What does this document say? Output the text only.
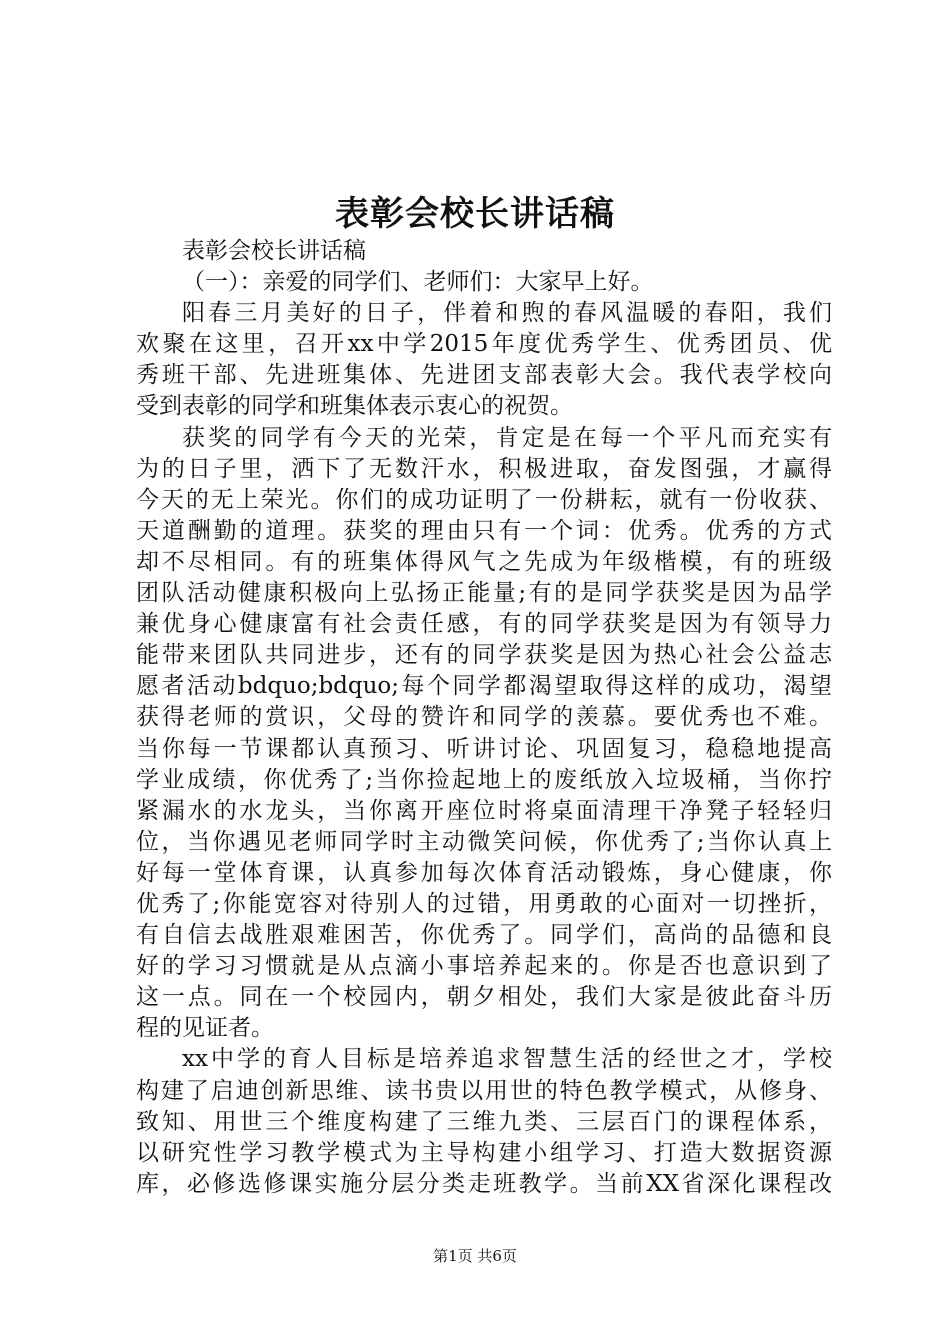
表彰会校长讲话稿
表彰会校长讲话稿
（一）：亲爱的同学们、老师们：大家早上好。
阳春三月美好的日子，伴着和煦的春风温暖的春阳，我们
欢聚在这里，召开xx中学2015年度优秀学生、优秀团员、优
秀班干部、先进班集体、先进团支部表彰大会。我代表学校向
受到表彰的同学和班集体表示衷心的祝贺。
获奖的同学有今天的光荣，肯定是在每一个平凡而充实有
为的日子里，洒下了无数汗水，积极进取，奋发图强，才赢得
今天的无上荣光。你们的成功证明了一份耕耘，就有一份收获、
天道酬勤的道理。获奖的理由只有一个词：优秀。优秀的方式
却不尽相同。有的班集体得风气之先成为年级楷模，有的班级
团队活动健康积极向上弘扬正能量;有的是同学获奖是因为品学
兼优身心健康富有社会责任感，有的同学获奖是因为有领导力
能带来团队共同进步，还有的同学获奖是因为热心社会公益志
愿者活动bdquo;bdquo;每个同学都渴望取得这样的成功，渴望
获得老师的赏识，父母的赞许和同学的羡慕。要优秀也不难。
当你每一节课都认真预习、听讲讨论、巩固复习，稳稳地提高
学业成绩，你优秀了;当你捡起地上的废纸放入垃圾桶，当你拧
紧漏水的水龙头，当你离开座位时将桌面清理干净凳子轻轻归
位，当你遇见老师同学时主动微笑问候，你优秀了;当你认真上
好每一堂体育课，认真参加每次体育活动锻炼，身心健康，你
优秀了;你能宽容对待别人的过错，用勇敢的心面对一切挫折，
有自信去战胜艰难困苦，你优秀了。同学们，高尚的品德和良
好的学习习惯就是从点滴小事培养起来的。你是否也意识到了
这一点。同在一个校园内，朝夕相处，我们大家是彼此奋斗历
程的见证者。
xx中学的育人目标是培养追求智慧生活的经世之才，学校
构建了启迪创新思维、读书贵以用世的特色教学模式，从修身、
致知、用世三个维度构建了三维九类、三层百门的课程体系，
以研究性学习教学模式为主导构建小组学习、打造大数据资源
库，必修选修课实施分层分类走班教学。当前XX省深化课程改
第1页 共6页
